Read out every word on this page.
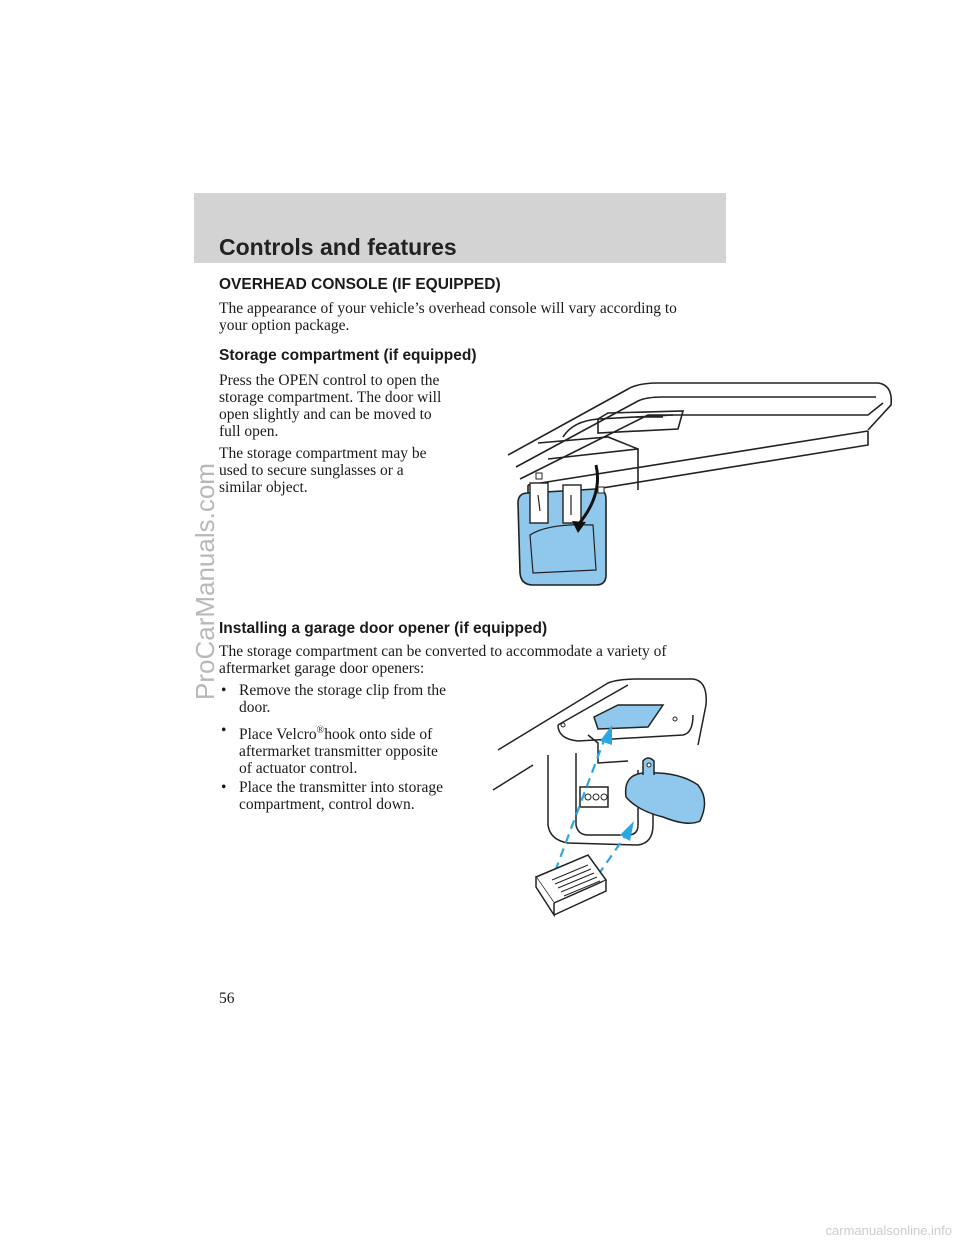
ProCarManuals.com
Controls and features
OVERHEAD CONSOLE (IF EQUIPPED)
The appearance of your vehicle’s overhead console will vary according to
your option package.
Storage compartment (if equipped)
Press the OPEN control to open the
storage compartment. The door will
open slightly and can be moved to
full open.
The storage compartment may be
used to secure sunglasses or a
similar object.
Installing a garage door opener (if equipped)
The storage compartment can be converted to accommodate a variety of
aftermarket garage door openers:
• Remove the storage clip from the
door.
• Place Velcro®hook onto side of
aftermarket transmitter opposite
of actuator control.
• Place the transmitter into storage
compartment, control down.
56
carmanualsonline.info
